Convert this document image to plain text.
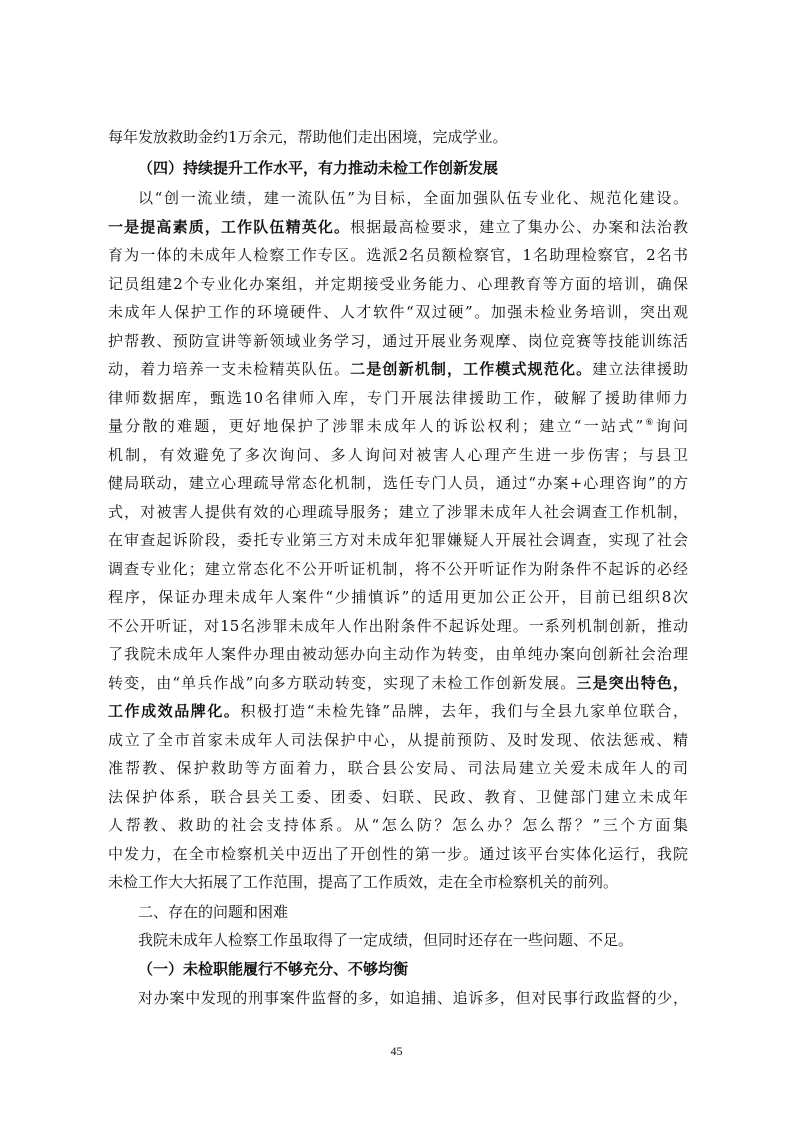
每年发放救助金约1万余元，帮助他们走出困境，完成学业。
（四）持续提升工作水平，有力推动未检工作创新发展
以“创一流业绩，建一流队伍”为目标，全面加强队伍专业化、规范化建设。
一是提高素质，工作队伍精英化。根据最高检要求，建立了集办公、办案和法治教
育为一体的未成年人检察工作专区。选派2名员额检察官，1名助理检察官，2名书
记员组建2个专业化办案组，并定期接受业务能力、心理教育等方面的培训，确保
未成年人保护工作的环境硬件、人才软件“双过硬”。加强未检业务培训，突出观
护帮教、预防宣讲等新领域业务学习，通过开展业务观摩、岗位竞赛等技能训练活
动，着力培养一支未检精英队伍。二是创新机制，工作模式规范化。建立法律援助
律师数据库，甄选10名律师入库，专门开展法律援助工作，破解了援助律师力
量分散的难题，更好地保护了涉罪未成年人的诉讼权利；建立“一站式”⑥询问
机制，有效避免了多次询问、多人询问对被害人心理产生进一步伤害；与县卫
健局联动，建立心理疏导常态化机制，选任专门人员，通过“办案+心理咨询”的方
式，对被害人提供有效的心理疏导服务；建立了涉罪未成年人社会调查工作机制，
在审查起诉阶段，委托专业第三方对未成年犯罪嫌疑人开展社会调查，实现了社会
调查专业化；建立常态化不公开听证机制，将不公开听证作为附条件不起诉的必经
程序，保证办理未成年人案件“少捕慎诉”的适用更加公正公开，目前已组织8次
不公开听证，对15名涉罪未成年人作出附条件不起诉处理。一系列机制创新，推动
了我院未成年人案件办理由被动惩办向主动作为转变，由单纯办案向创新社会治理
转变，由“单兵作战”向多方联动转变，实现了未检工作创新发展。三是突出特色，
工作成效品牌化。积极打造“未检先锋”品牌，去年，我们与全县九家单位联合，
成立了全市首家未成年人司法保护中心，从提前预防、及时发现、依法惩戒、精
准帮教、保护救助等方面着力，联合县公安局、司法局建立关爱未成年人的司
法保护体系，联合县关工委、团委、妇联、民政、教育、卫健部门建立未成年
人帮教、救助的社会支持体系。从“怎么防？怎么办？怎么帮？”三个方面集
中发力，在全市检察机关中迈出了开创性的第一步。通过该平台实体化运行，我院
未检工作大大拓展了工作范围，提高了工作质效，走在全市检察机关的前列。
二、存在的问题和困难
我院未成年人检察工作虽取得了一定成绩，但同时还存在一些问题、不足。
（一）未检职能履行不够充分、不够均衡
对办案中发现的刑事案件监督的多，如追捕、追诉多，但对民事行政监督的少，
45
